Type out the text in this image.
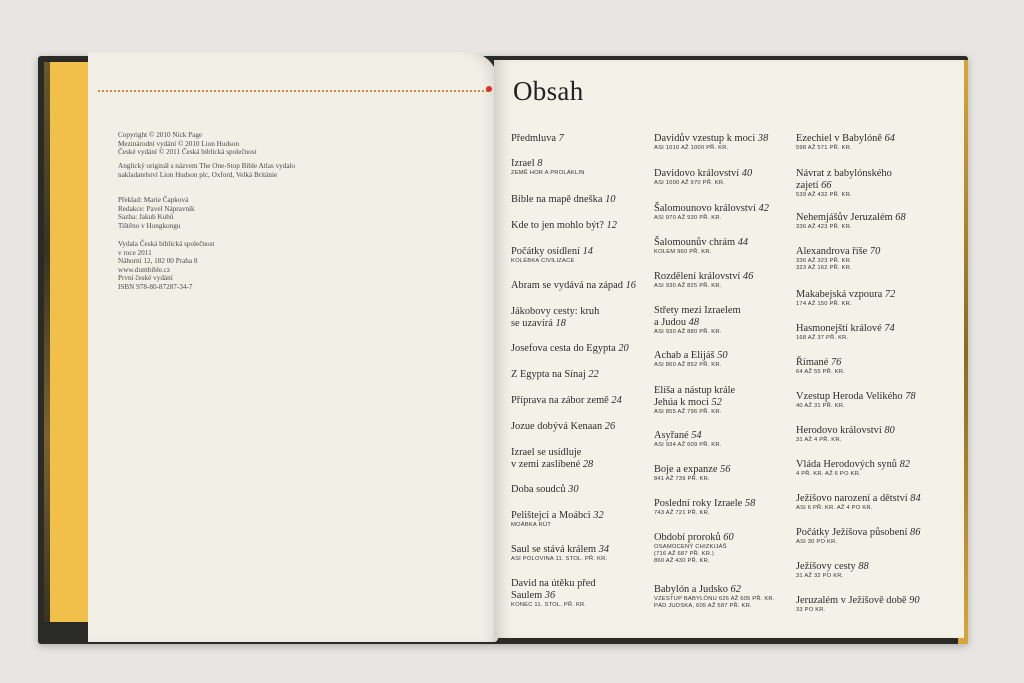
Copyright © 2010 Nick Page
Mezinárodní vydání © 2010 Lion Hudson
České vydání © 2011 Česká biblická společnost
Anglický originál s názvem The One-Stop Bible Atlas vydalo
nakladatelství Lion Hudson plc, Oxford, Velká Británie
Překlad: Marie Čapková
Redakce: Pavel Nápravník
Sazba: Jakub Kubů
Tištěno v Hongkongu
Vydala Česká biblická společnost
v roce 2011
Náhorní 12, 182 00 Praha 8
www.dumbible.cz
První české vydání
ISBN 978-80-87287-34-7
Obsah
Předmluva 7
Izrael 8
ZEMĚ HOR A PROLÁKLIN
Bible na mapě dneška 10
Kde to jen mohlo být? 12
Počátky osídlení 14
KOLÉBKA CIVILIZACE
Abram se vydává na západ 16
Jákobovy cesty: kruh
se uzavírá 18
Josefova cesta do Egypta 20
Z Egypta na Sínaj 22
Příprava na zábor země 24
Jozue dobývá Kenaan 26
Izrael se usídluje
v zemi zaslíbené 28
Doba soudců 30
Pelištejci a Moábci 32
MOÁBKA RÚT
Saul se stává králem 34
ASI POLOVINA 11. STOL. PŘ. KR.
David na útěku před
Saulem 36
KONEC 11. STOL. PŘ. KR.
Davidův vzestup k moci 38
ASI 1010 AŽ 1000 PŘ. KR.
Davidovo království 40
ASI 1000 AŽ 970 PŘ. KR.
Šalomounovo království 42
ASI 970 AŽ 930 PŘ. KR.
Šalomounův chrám 44
KOLEM 960 PŘ. KR.
Rozdělení království 46
ASI 930 AŽ 825 PŘ. KR.
Střety mezi Izraelem
a Judou 48
ASI 930 AŽ 880 PŘ. KR.
Achab a Elijáš 50
ASI 860 AŽ 852 PŘ. KR.
Elíša a nástup krále
Jehúa k moci 52
ASI 855 AŽ 796 PŘ. KR.
Asyřané 54
ASI 934 AŽ 609 PŘ. KR.
Boje a expanze 56
841 AŽ 739 PŘ. KR.
Poslední roky Izraele 58
743 AŽ 721 PŘ. KR.
Období proroků 60
OSAMOCENÝ CHIZKIJÁŠ
(716 AŽ 687 PŘ. KR.)
860 AŽ 430 PŘ. KR.
Babylón a Judsko 62
VZESTUP BABYLÓNU 626 AŽ 605 PŘ. KR.
PÁD JUDSKA, 605 AŽ 587 PŘ. KR.
Ezechiel v Babylóně 64
598 AŽ 571 PŘ. KR.
Návrat z babylónského
zajetí 66
539 AŽ 432 PŘ. KR.
Nehemjášův Jeruzalém 68
336 AŽ 423 PŘ. KR.
Alexandrova říše 70
336 AŽ 323 PŘ. KR.
323 AŽ 162 PŘ. KR.
Makabejská vzpoura 72
174 AŽ 150 PŘ. KR.
Hasmonejští králové 74
168 AŽ 37 PŘ. KR.
Římané 76
64 AŽ 55 PŘ. KR.
Vzestup Heroda Velikého 78
40 AŽ 31 PŘ. KR.
Herodovo království 80
31 AŽ 4 PŘ. KR.
Vláda Herodových synů 82
4 PŘ. KR. AŽ 6 PO KR.
Ježíšovo narození a dětství 84
ASI 6 PŘ. KR. AŽ 4 PO KR.
Počátky Ježíšova působení 86
ASI 30 PO KR.
Ježíšovy cesty 88
31 AŽ 32 PO KR.
Jeruzalém v Ježíšově době 90
33 PO KR.
